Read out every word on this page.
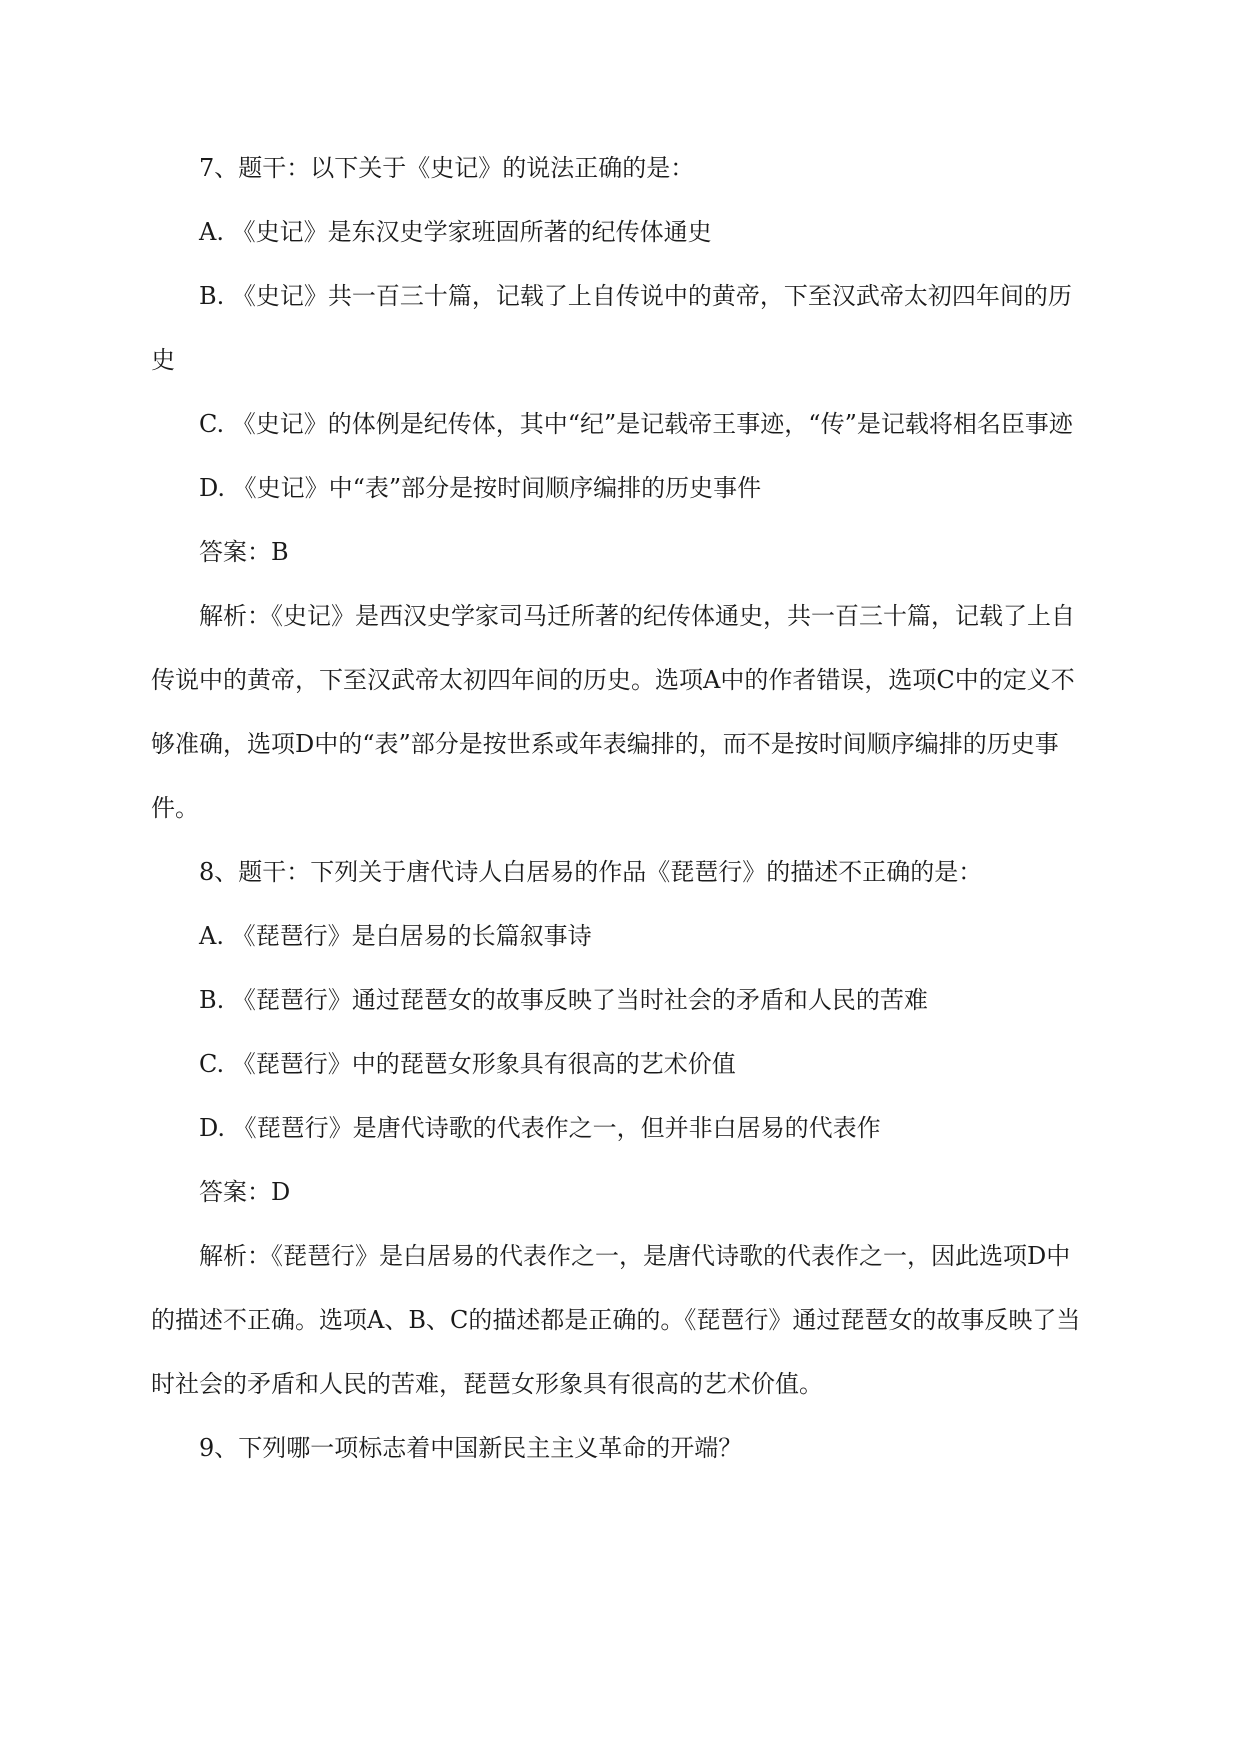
7、题干：以下关于《史记》的说法正确的是：

A. 《史记》是东汉史学家班固所著的纪传体通史

B. 《史记》共一百三十篇，记载了上自传说中的黄帝，下至汉武帝太初四年间的历史

C. 《史记》的体例是纪传体，其中“纪”是记载帝王事迹，“传”是记载将相名臣事迹

D. 《史记》中“表”部分是按时间顺序编排的历史事件

答案：B

解析：《史记》是西汉史学家司马迁所著的纪传体通史，共一百三十篇，记载了上自传说中的黄帝，下至汉武帝太初四年间的历史。选项A中的作者错误，选项C中的定义不够准确，选项D中的“表”部分是按世系或年表编排的，而不是按时间顺序编排的历史事件。

8、题干：下列关于唐代诗人白居易的作品《琵琶行》的描述不正确的是：

A. 《琵琶行》是白居易的长篇叙事诗

B. 《琵琶行》通过琵琶女的故事反映了当时社会的矛盾和人民的苦难

C. 《琵琶行》中的琵琶女形象具有很高的艺术价值

D. 《琵琶行》是唐代诗歌的代表作之一，但并非白居易的代表作

答案：D

解析：《琵琶行》是白居易的代表作之一，是唐代诗歌的代表作之一，因此选项D中的描述不正确。选项A、B、C的描述都是正确的。《琵琶行》通过琵琶女的故事反映了当时社会的矛盾和人民的苦难，琵琶女形象具有很高的艺术价值。

9、下列哪一项标志着中国新民主主义革命的开端？
